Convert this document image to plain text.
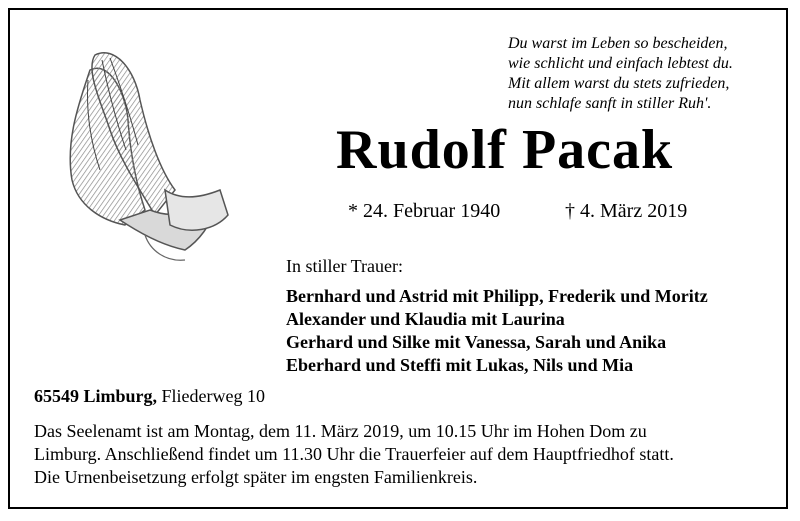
Du warst im Leben so bescheiden,
wie schlicht und einfach lebtest du.
Mit allem warst du stets zufrieden,
nun schlafe sanft in stiller Ruh'.
Rudolf Pacak
* 24. Februar 1940	† 4. März 2019
In stiller Trauer:
Bernhard und Astrid mit Philipp, Frederik und Moritz
Alexander und Klaudia mit Laurina
Gerhard und Silke mit Vanessa, Sarah und Anika
Eberhard und Steffi mit Lukas, Nils und Mia
65549 Limburg, Fliederweg 10
Das Seelenamt ist am Montag, dem 11. März 2019, um 10.15 Uhr im Hohen Dom zu
Limburg. Anschließend findet um 11.30 Uhr die Trauerfeier auf dem Hauptfriedhof statt.
Die Urnenbeisetzung erfolgt später im engsten Familienkreis.
